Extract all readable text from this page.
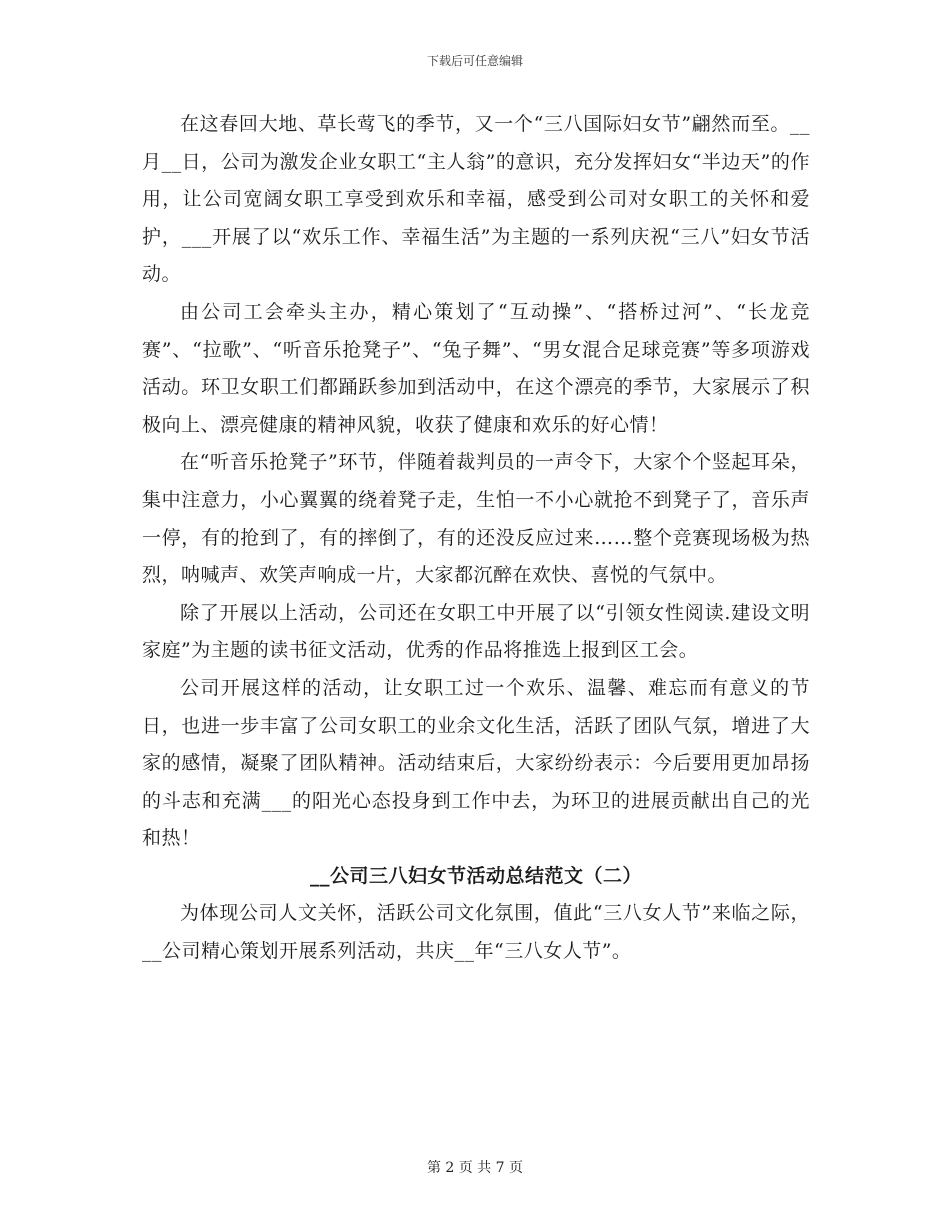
下载后可任意编辑

在这春回大地、草长莺飞的季节，又一个“三八国际妇女节”翩然而至。__月__日，公司为激发企业女职工“主人翁”的意识，充分发挥妇女“半边天”的作用，让公司宽阔女职工享受到欢乐和幸福，感受到公司对女职工的关怀和爱护，___开展了以“欢乐工作、幸福生活”为主题的一系列庆祝“三八”妇女节活动。

由公司工会牵头主办，精心策划了“互动操”、“搭桥过河”、“长龙竞赛”、“拉歌”、“听音乐抢凳子”、“兔子舞”、“男女混合足球竞赛”等多项游戏活动。环卫女职工们都踊跃参加到活动中，在这个漂亮的季节，大家展示了积极向上、漂亮健康的精神风貌，收获了健康和欢乐的好心情！

在“听音乐抢凳子”环节，伴随着裁判员的一声令下，大家个个竖起耳朵，集中注意力，小心翼翼的绕着凳子走，生怕一不小心就抢不到凳子了，音乐声一停，有的抢到了，有的摔倒了，有的还没反应过来……整个竞赛现场极为热烈，呐喊声、欢笑声响成一片，大家都沉醉在欢快、喜悦的气氛中。

除了开展以上活动，公司还在女职工中开展了以“引领女性阅读.建设文明家庭”为主题的读书征文活动，优秀的作品将推选上报到区工会。

公司开展这样的活动，让女职工过一个欢乐、温馨、难忘而有意义的节日，也进一步丰富了公司女职工的业余文化生活，活跃了团队气氛，增进了大家的感情，凝聚了团队精神。活动结束后，大家纷纷表示：今后要用更加昂扬的斗志和充满___的阳光心态投身到工作中去，为环卫的进展贡献出自己的光和热！

__公司三八妇女节活动总结范文（二）

为体现公司人文关怀，活跃公司文化氛围，值此“三八女人节”来临之际，__公司精心策划开展系列活动，共庆__年“三八女人节”。

第 2 页 共 7 页
